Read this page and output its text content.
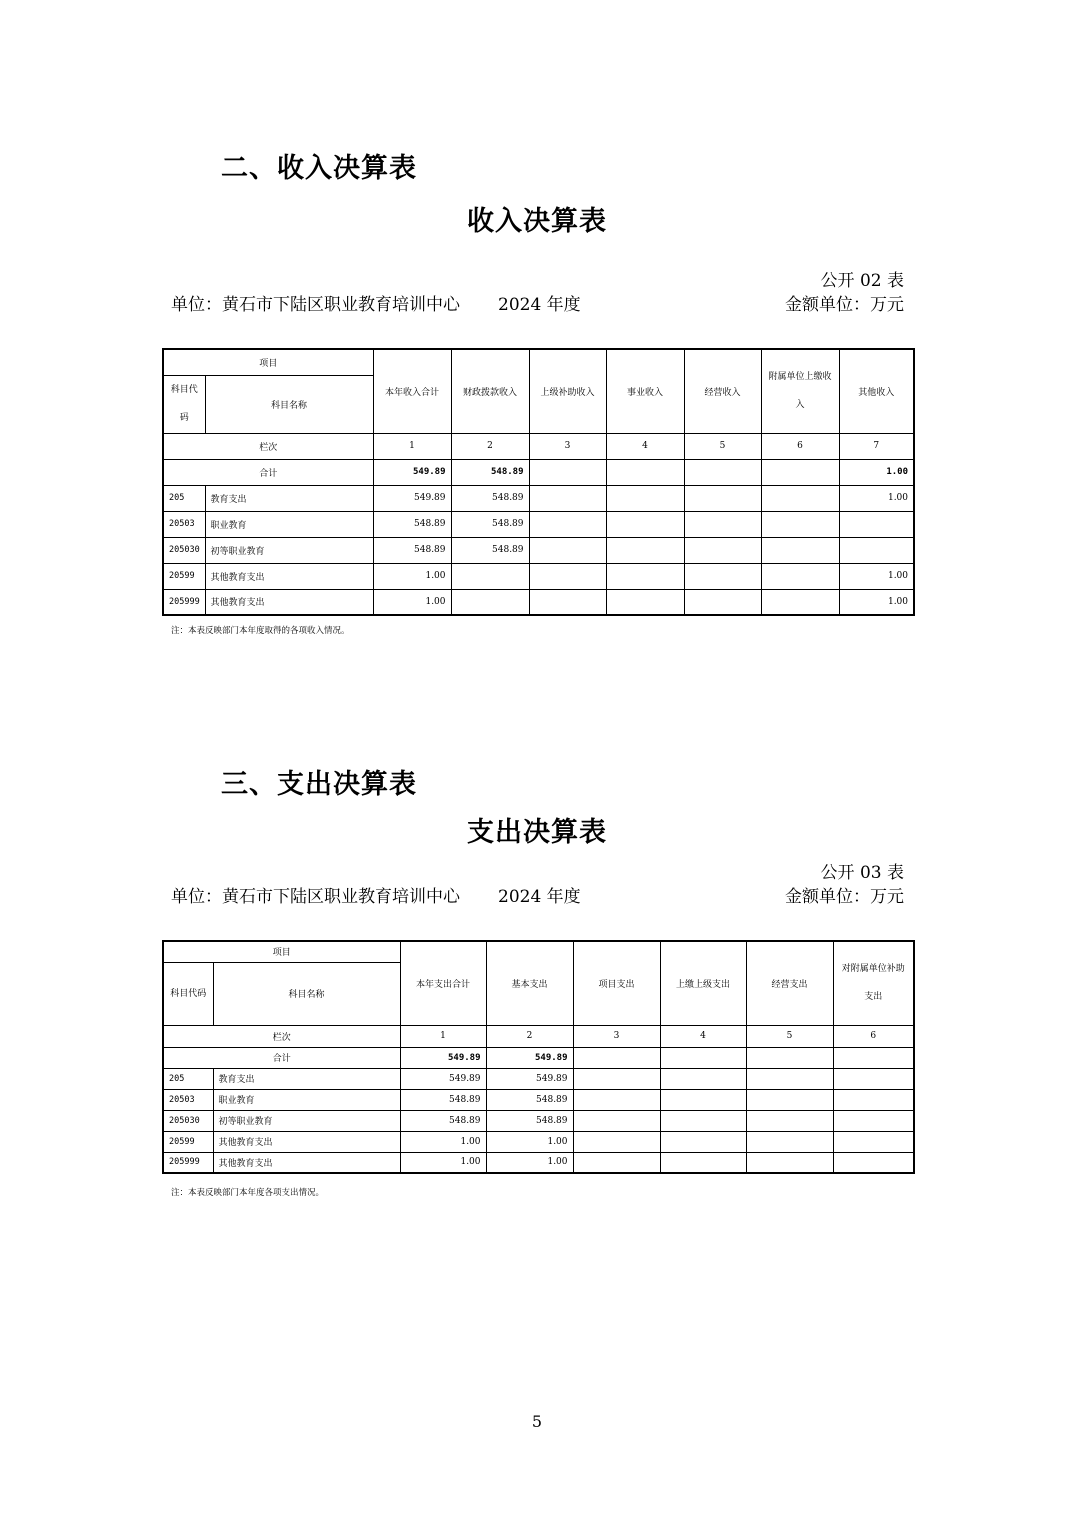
二、收入决算表
收入决算表
公开 02 表
单位：黄石市下陆区职业教育培训中心 2024 年度	金额单位：万元
项目		本年收入合计	财政拨款收入	上级补助收入	事业收入	经营收入	附属单位上缴收入	其他收入
科目代码	科目名称							
栏次		1	2	3	4	5	6	7
合计		549.89	548.89					1.00
205	教育支出	549.89	548.89					1.00
20503	职业教育	548.89	548.89					
205030	初等职业教育	548.89	548.89					
20599	其他教育支出	1.00						1.00
205999	其他教育支出	1.00						1.00
注：本表反映部门本年度取得的各项收入情况。
三、支出决算表
支出决算表
公开 03 表
单位：黄石市下陆区职业教育培训中心 2024 年度	金额单位：万元
项目		本年支出合计	基本支出	项目支出	上缴上级支出	经营支出	对附属单位补助支出
科目代码	科目名称						
栏次		1	2	3	4	5	6
合计		549.89	549.89				
205	教育支出	549.89	549.89				
20503	职业教育	548.89	548.89				
205030	初等职业教育	548.89	548.89				
20599	其他教育支出	1.00	1.00				
205999	其他教育支出	1.00	1.00				
注：本表反映部门本年度各项支出情况。
5
